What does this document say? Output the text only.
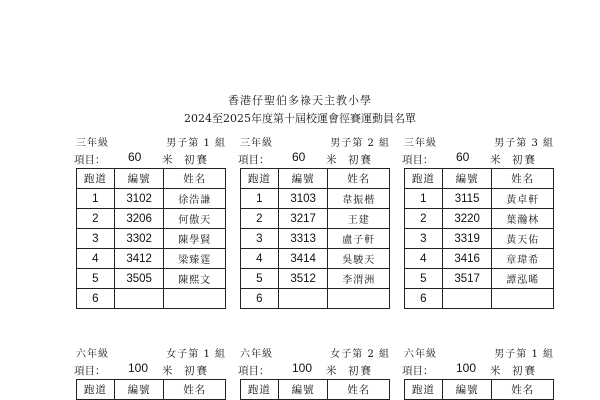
香港仔聖伯多祿天主教小學
2024至2025年度第十屆校運會徑賽運動員名單
三年級	男子第 1 組
項目： 60 米 初賽
跑道	編號	姓名
1	3102	徐浩謙
2	3206	何傲天
3	3302	陳學賢
4	3412	梁臻霆
5	3505	陳熙文
6		
三年級	男子第 2 組
項目： 60 米 初賽
跑道	編號	姓名
1	3103	韋振楷
2	3217	王建
3	3313	盧子軒
4	3414	吳駿天
5	3512	李渭洲
6		
三年級	男子第 3 組
項目： 60 米 初賽
跑道	編號	姓名
1	3115	黃卓軒
2	3220	葉瀚林
3	3319	黃天佑
4	3416	章瑋希
5	3517	譚泓晞
6		
六年級	女子第 1 組
項目： 100 米 初賽
跑道	編號	姓名
六年級	女子第 2 組
項目： 100 米 初賽
跑道	編號	姓名
六年級	男子第 1 組
項目： 100 米 初賽
跑道	編號	姓名
